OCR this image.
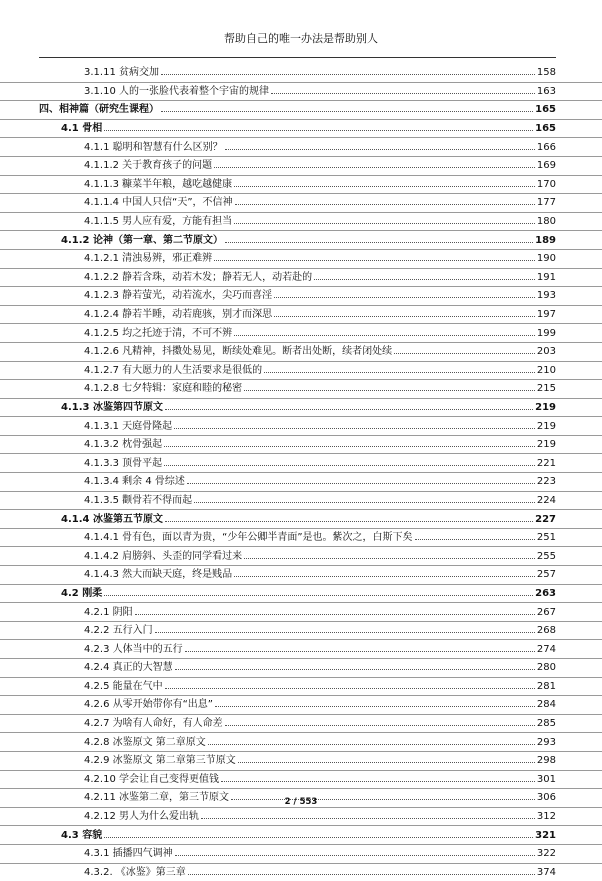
帮助自己的唯一办法是帮助别人
3.1.11 贫病交加	158
3.1.10 人的一张脸代表着整个宇宙的规律	163
四、相神篇（研究生课程）	165
4.1 骨相	165
4.1.1 聪明和智慧有什么区别？	166
4.1.1.2 关于教育孩子的问题	169
4.1.1.3 糠菜半年粮，越吃越健康	170
4.1.1.4 中国人只信“天”，不信神	177
4.1.1.5 男人应有爱，方能有担当	180
4.1.2 论神（第一章、第二节原文）	189
4.1.2.1 清浊易辨，邪正难辨	190
4.1.2.2 静若含珠，动若木发；静若无人，动若赴的	191
4.1.2.3 静若萤光，动若流水，尖巧而喜淫	193
4.1.2.4 静若半睡，动若鹿骇，别才而深思	197
4.1.2.5 均之托迹于清，不可不辨	199
4.1.2.6 凡精神，抖擞处易见，断续处难见。断者出处断，续者闭处续	203
4.1.2.7 有大愿力的人生活要求是很低的	210
4.1.2.8 七夕特辑：家庭和睦的秘密	215
4.1.3 冰鉴第四节原文	219
4.1.3.1 天庭骨隆起	219
4.1.3.2 枕骨强起	219
4.1.3.3 顶骨平起	221
4.1.3.4 剩余 4 骨综述	223
4.1.3.5 颧骨若不得而起	224
4.1.4 冰鉴第五节原文	227
4.1.4.1 骨有色，面以青为贵，“少年公卿半青面”是也。紫次之，白斯下矣	251
4.1.4.2 肩膀斜、头歪的同学看过来	255
4.1.4.3 然大而缺天庭，终是贱品	257
4.2 刚柔	263
4.2.1 阴阳	267
4.2.2 五行入门	268
4.2.3 人体当中的五行	274
4.2.4 真正的大智慧	280
4.2.5 能量在气中	281
4.2.6 从零开始带你有“出息”	284
4.2.7 为啥有人命好，有人命差	285
4.2.8 冰鉴原文 第二章原文	293
4.2.9 冰鉴原文 第二章第三节原文	298
4.2.10 学会让自己变得更值钱	301
4.2.11 冰鉴第二章，第三节原文	306
4.2.12 男人为什么爱出轨	312
4.3 容貌	321
4.3.1 插播四气调神	322
4.3.2. 《冰鉴》第三章	374
2 / 553
